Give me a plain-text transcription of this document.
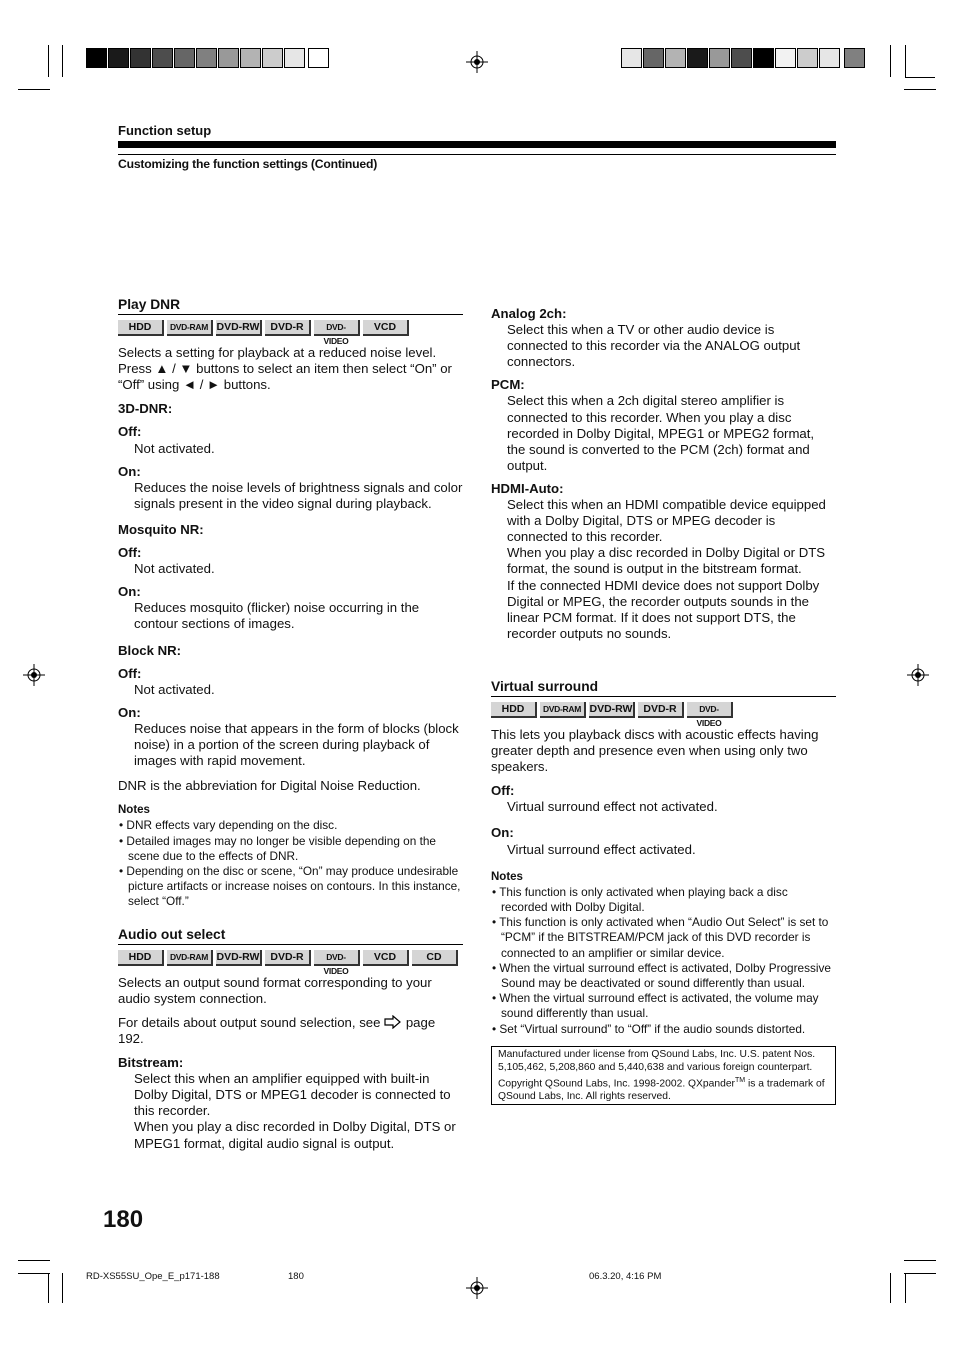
Function setup
Customizing the function settings (Continued)
Play DNR
HDD	DVD-RAM DVD-RW	DVD-R	DVD-VIDEO
VCD

Selects a setting for playback at a reduced noise level. Press ▲ / ▼ buttons to select an item then select “On” or “Off” using ◄ / ► buttons.

3D-DNR:

Off:

Not activated.

On:

Reduces the noise levels of brightness signals and color signals present in the video signal during playback.

Mosquito NR:

Off:

Not activated.

On:

Reduces mosquito (flicker) noise occurring in the contour sections of images.

Block NR:

Off:

Not activated.

On:

Reduces noise that appears in the form of blocks (block noise) in a portion of the screen during playback of images with rapid movement.

DNR is the abbreviation for Digital Noise Reduction.

Notes

• DNR effects vary depending on the disc.
• Detailed images may no longer be visible depending on the scene due to the effects of DNR.
• Depending on the disc or scene, “On” may produce undesirable picture artifacts or increase noises on contours. In this instance, select “Off.”
Audio out select
HDD	DVD-RAM DVD-RW	DVD-R	DVD-VIDEO
VCD	CD

Selects an output sound format corresponding to your audio system connection.

For details about output sound selection, see page 192.

Bitstream:

Select this when an amplifier equipped with built-in Dolby Digital, DTS or MPEG1 decoder is connected to this recorder.

When you play a disc recorded in Dolby Digital, DTS or MPEG1 format, digital audio signal is output.

Analog 2ch:

Select this when a TV or other audio device is connected to this recorder via the ANALOG output connectors.

PCM:

Select this when a 2ch digital stereo amplifier is connected to this recorder. When you play a disc recorded in Dolby Digital, MPEG1 or MPEG2 format, the sound is converted to the PCM (2ch) format and output.

HDMI-Auto:

Select this when an HDMI compatible device equipped with a Dolby Digital, DTS or MPEG decoder is connected to this recorder.

When you play a disc recorded in Dolby Digital or DTS format, the sound is output in the bitstream format.

If the connected HDMI device does not support Dolby Digital or MPEG, the recorder outputs sounds in the linear PCM format. If it does not support DTS, the recorder outputs no sounds.

Virtual surround
HDD	DVD-RAM DVD-RW	DVD-R	DVD-VIDEO

This lets you playback discs with acoustic effects having greater depth and presence even when using only two speakers.

Off:

Virtual surround effect not activated.

On:

Virtual surround effect activated.

Notes

• This function is only activated when playing back a disc recorded with Dolby Digital.
• This function is only activated when “Audio Out Select” is set to “PCM” if the BITSTREAM/PCM jack of this DVD recorder is connected to an amplifier or similar device.
• When the virtual surround effect is activated, Dolby Progressive Sound may be deactivated or sound differently than usual.
• When the virtual surround effect is activated, the volume may sound differently than usual.
• Set “Virtual surround” to “Off” if the audio sounds distorted.
Manufactured under license from QSound Labs, Inc. U.S. patent Nos. 5,105,462, 5,208,860 and 5,440,638 and various foreign counterpart. Copyright QSound Labs, Inc. 1998-2002. QXpander™ is a trademark of QSound Labs, Inc. All rights reserved.
180
RD-XS55SU_Ope_E_p171-188	180	06.3.20, 4:16 PM
